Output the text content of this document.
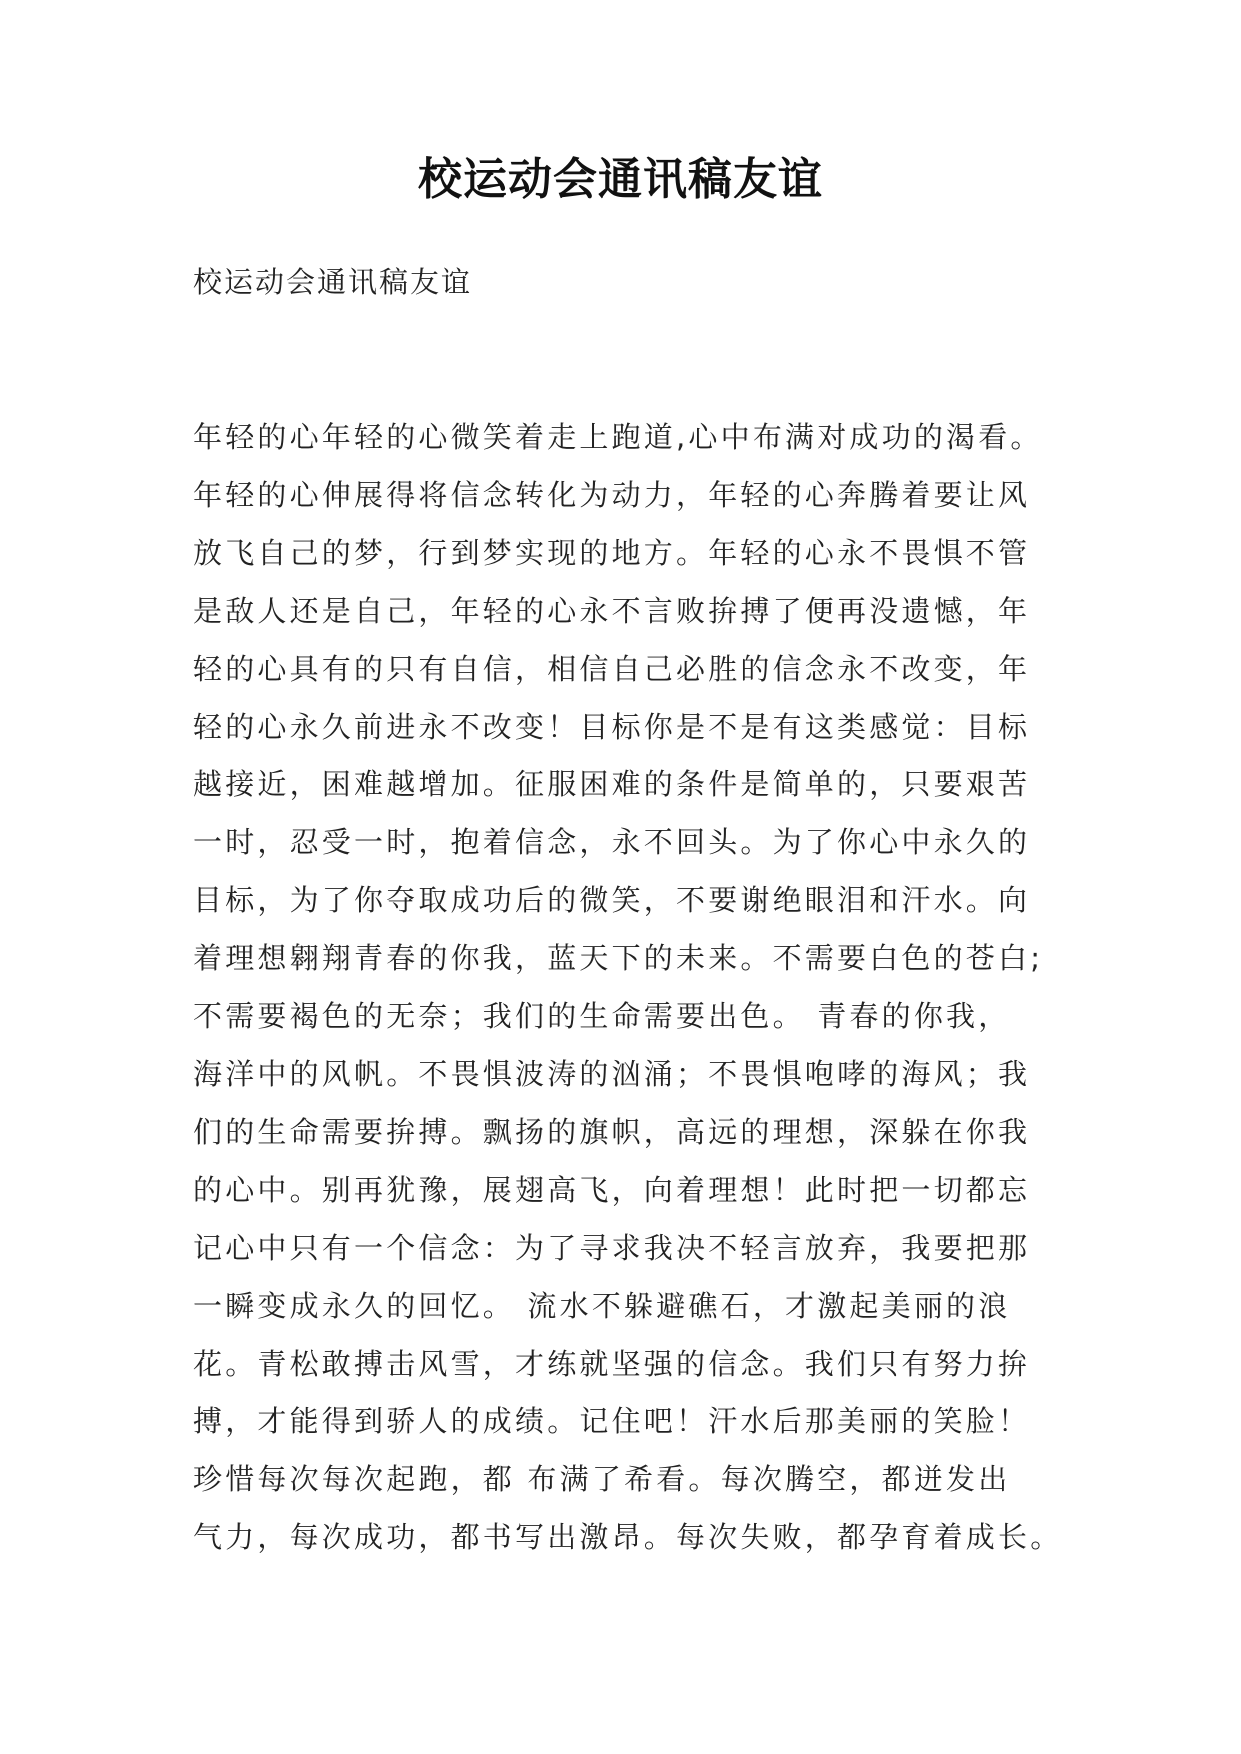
校运动会通讯稿友谊
校运动会通讯稿友谊
年轻的心年轻的心微笑着走上跑道,心中布满对成功的渴看。
年轻的心伸展得将信念转化为动力，年轻的心奔腾着要让风
放飞自己的梦，行到梦实现的地方。年轻的心永不畏惧不管
是敌人还是自己，年轻的心永不言败拚搏了便再没遗憾，年
轻的心具有的只有自信，相信自己必胜的信念永不改变，年
轻的心永久前进永不改变！目标你是不是有这类感觉：目标
越接近，困难越增加。征服困难的条件是简单的，只要艰苦
一时，忍受一时，抱着信念，永不回头。为了你心中永久的
目标，为了你夺取成功后的微笑，不要谢绝眼泪和汗水。向
着理想翱翔青春的你我，蓝天下的未来。不需要白色的苍白;
不需要褐色的无奈；我们的生命需要出色。 青春的你我，
海洋中的风帆。不畏惧波涛的汹涌；不畏惧咆哮的海风；我
们的生命需要拚搏。飘扬的旗帜，高远的理想，深躲在你我
的心中。别再犹豫，展翅高飞，向着理想！此时把一切都忘
记心中只有一个信念：为了寻求我决不轻言放弃，我要把那
一瞬变成永久的回忆。 流水不躲避礁石，才激起美丽的浪
花。青松敢搏击风雪，才练就坚强的信念。我们只有努力拚
搏，才能得到骄人的成绩。记住吧！汗水后那美丽的笑脸！
珍惜每次每次起跑，都 布满了希看。每次腾空，都迸发出
气力，每次成功，都书写出激昂。每次失败，都孕育着成长。
